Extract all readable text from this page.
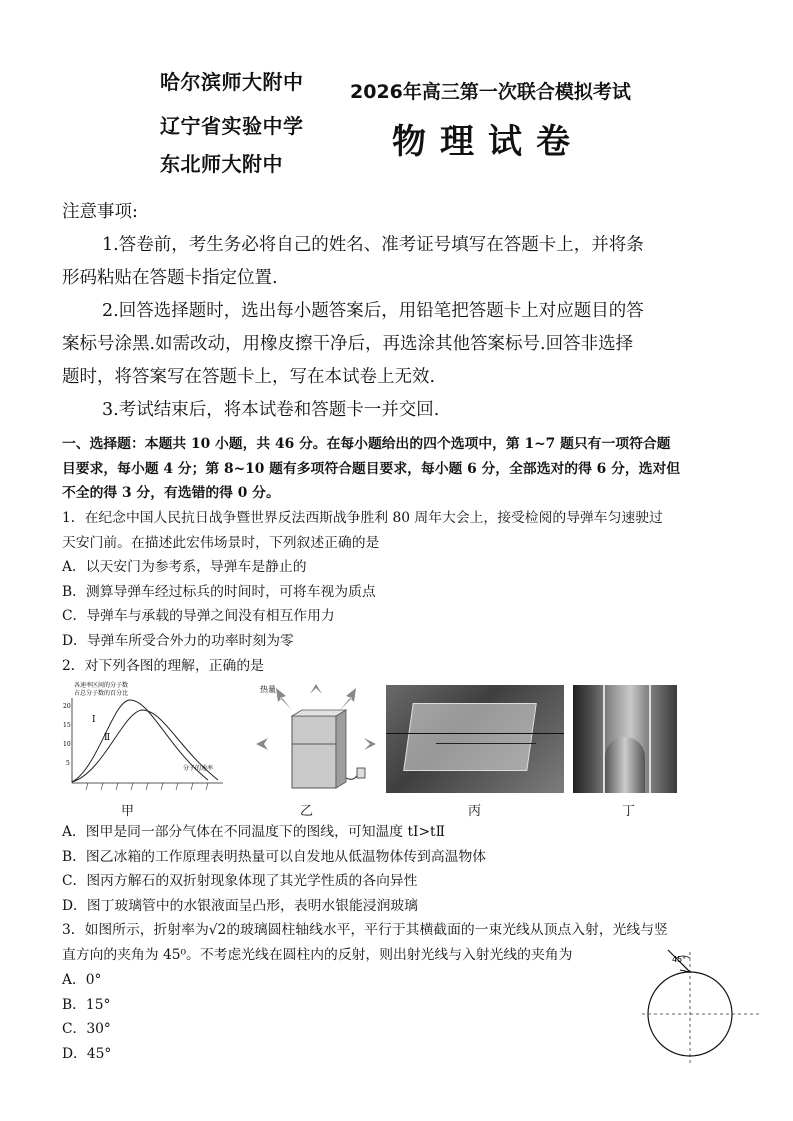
哈尔滨师大附中
辽宁省实验中学
东北师大附中
2026年高三第一次联合模拟考试
物理试卷
注意事项:
1.答卷前，考生务必将自己的姓名、准考证号填写在答题卡上，并将条
形码粘贴在答题卡指定位置.
2.回答选择题时，选出每小题答案后，用铅笔把答题卡上对应题目的答
案标号涂黑.如需改动，用橡皮擦干净后，再选涂其他答案标号.回答非选择
题时，将答案写在答题卡上，写在本试卷上无效.
3.考试结束后，将本试卷和答题卡一并交回.
一、选择题：本题共 10 小题，共 46 分。在每小题给出的四个选项中，第 1~7 题只有一项符合题
目要求，每小题 4 分；第 8~10 题有多项符合题目要求，每小题 6 分，全部选对的得 6 分，选对但
不全的得 3 分，有选错的得 0 分。
1．在纪念中国人民抗日战争暨世界反法西斯战争胜利 80 周年大会上，接受检阅的导弹车匀速驶过
天安门前。在描述此宏伟场景时，下列叙述正确的是
A．以天安门为参考系，导弹车是静止的
B．测算导弹车经过标兵的时间时，可将车视为质点
C．导弹车与承载的导弹之间没有相互作用力
D．导弹车所受合外力的功率时刻为零
2．对下列各图的理解，正确的是
各速率区间的分子数
占总分子数的百分比
20
15
10
5
Ⅰ
Ⅱ
分子的速率
热量
甲	乙	丙	丁
A．图甲是同一部分气体在不同温度下的图线，可知温度 tⅠ>tⅡ
B．图乙冰箱的工作原理表明热量可以自发地从低温物体传到高温物体
C．图丙方解石的双折射现象体现了其光学性质的各向异性
D．图丁玻璃管中的水银液面呈凸形，表明水银能浸润玻璃
3．如图所示，折射率为√2的玻璃圆柱轴线水平，平行于其横截面的一束光线从顶点入射，光线与竖
直方向的夹角为 45⁰。不考虑光线在圆柱内的反射，则出射光线与入射光线的夹角为
A．0°
B．15°
C．30°
D．45°
45°
